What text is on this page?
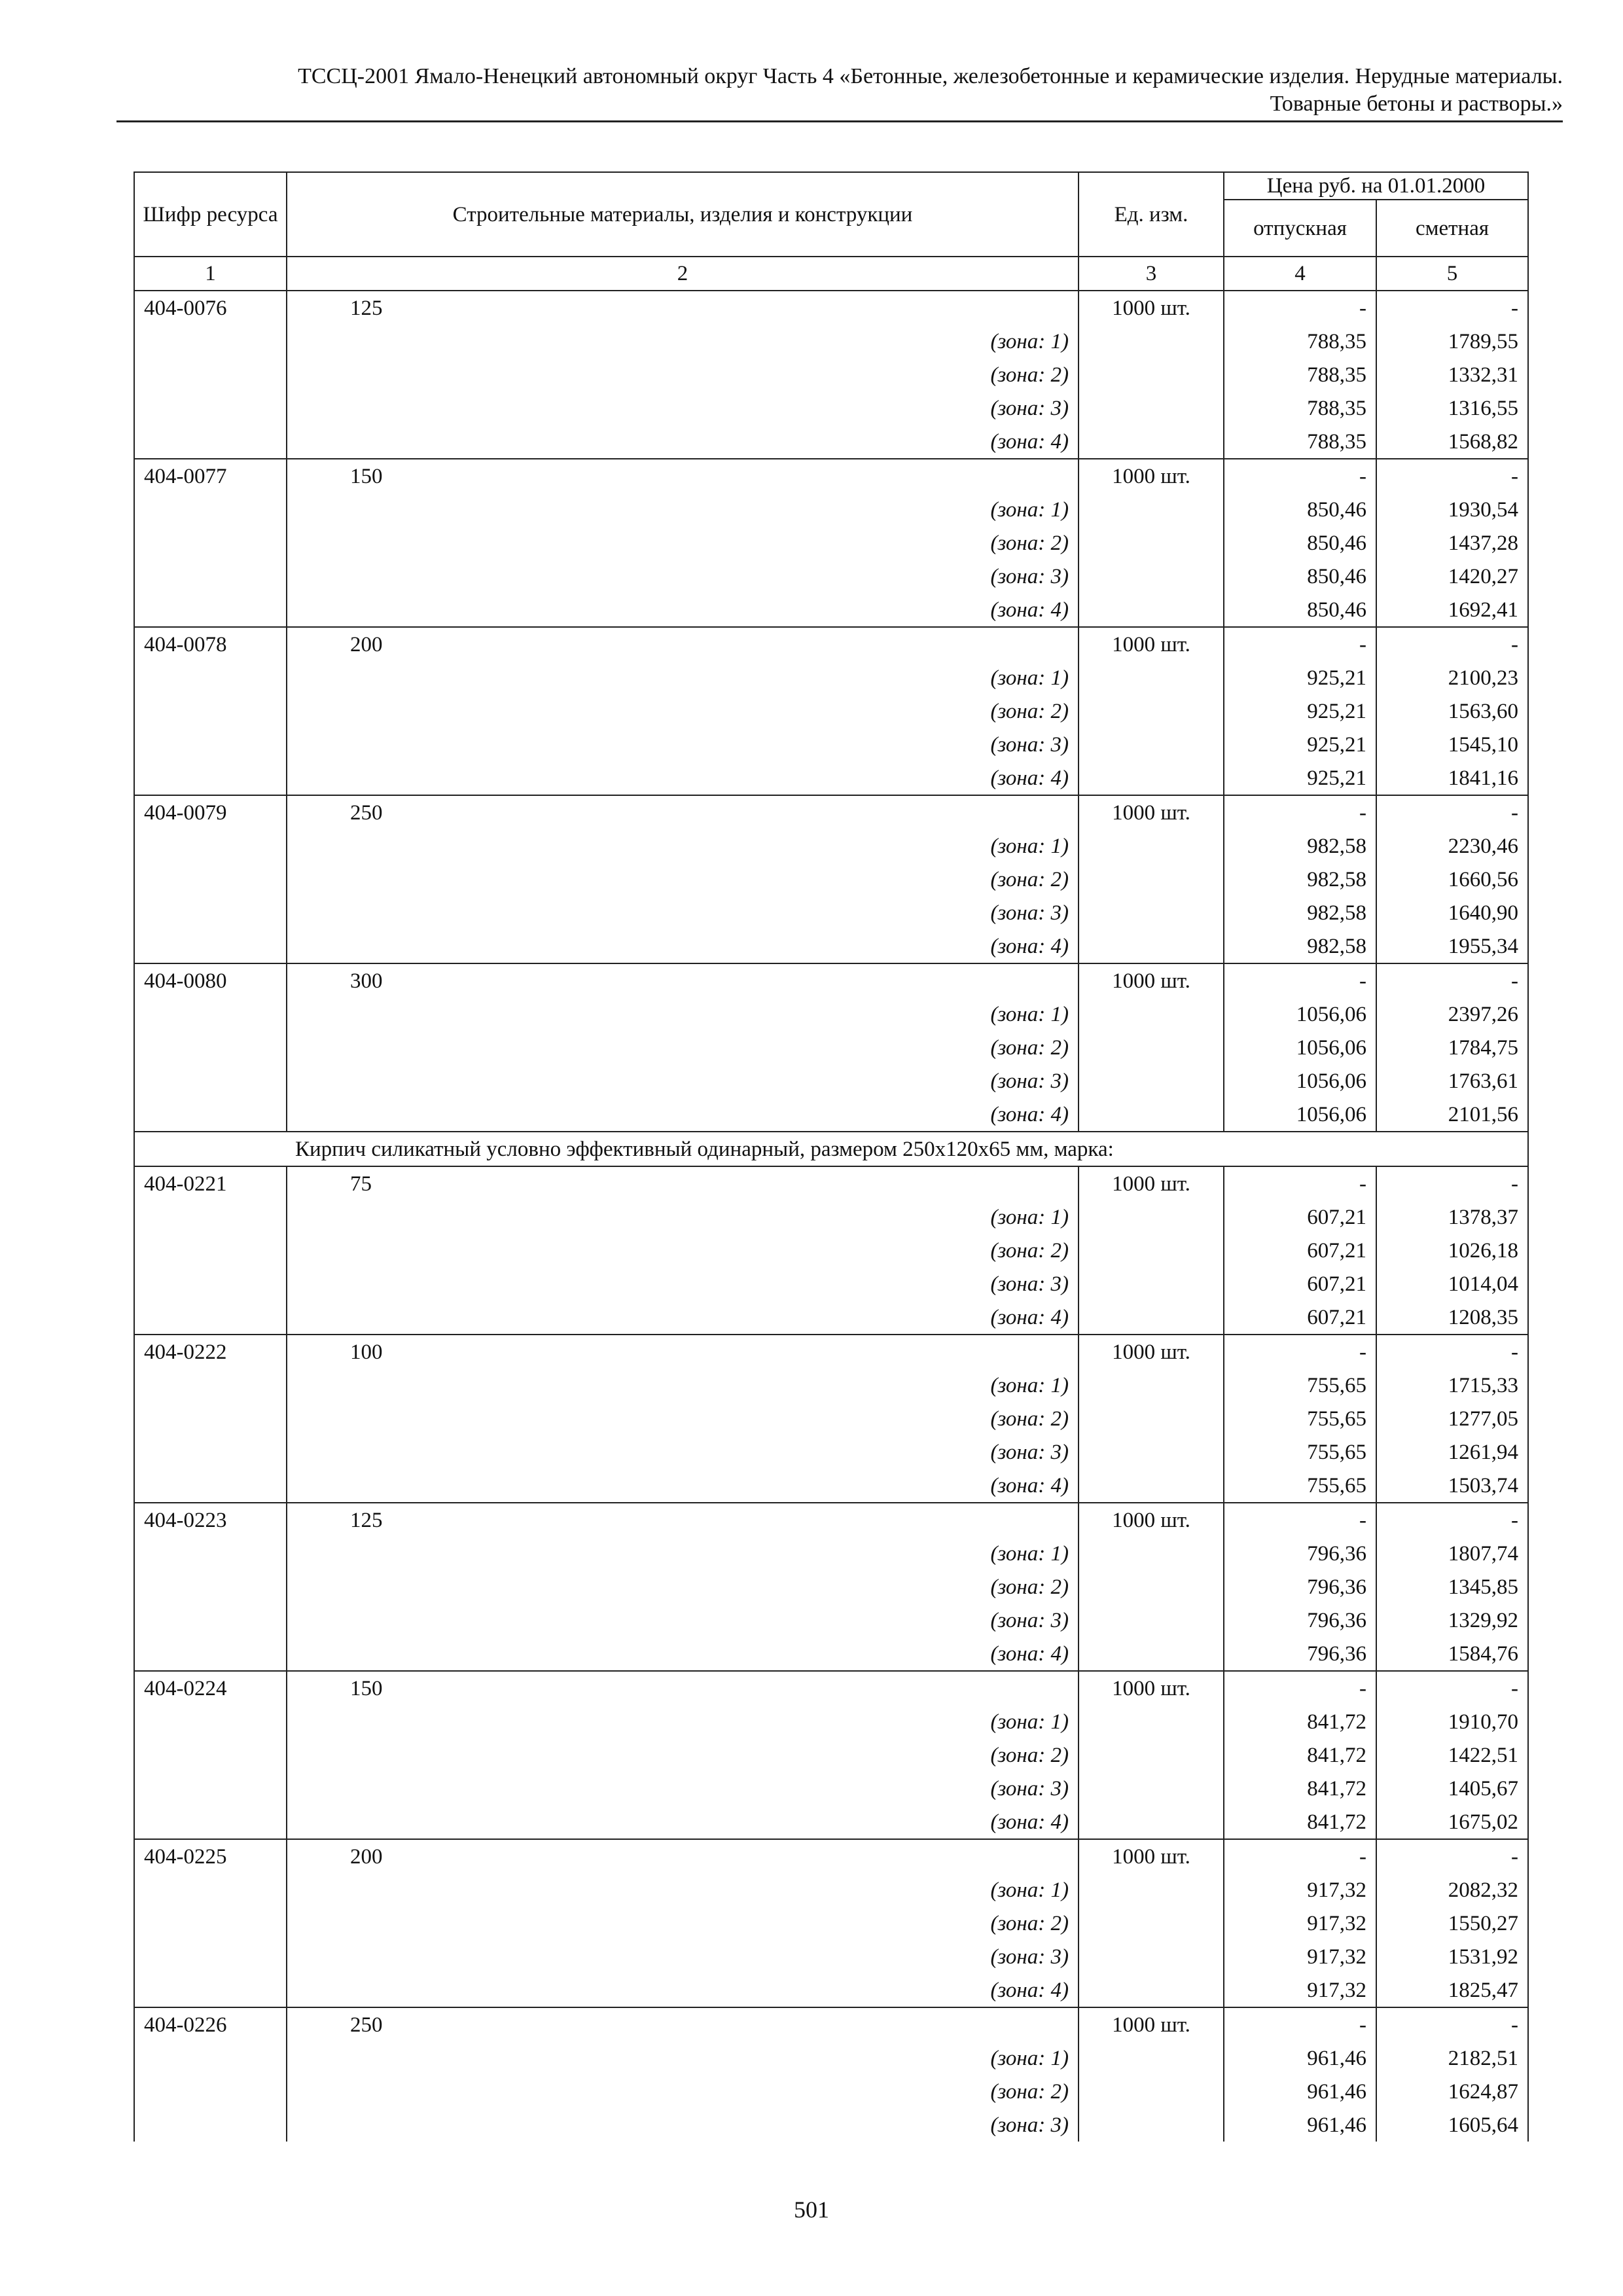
ТССЦ-2001 Ямало-Ненецкий автономный округ Часть 4 «Бетонные, железобетонные и керамические изделия. Нерудные материалы.
Товарные бетоны и растворы.»
Шифр ресурса	Строительные материалы, изделия и конструкции	Ед. изм.	Цена руб. на 01.01.2000	
			отпускная	сметная
1	2	3	4	5
404-0076	125	1000 шт.	-	-
	(зона: 1)		788,35	1789,55
	(зона: 2)		788,35	1332,31
	(зона: 3)		788,35	1316,55
	(зона: 4)		788,35	1568,82
404-0077	150	1000 шт.	-	-
	(зона: 1)		850,46	1930,54
	(зона: 2)		850,46	1437,28
	(зона: 3)		850,46	1420,27
	(зона: 4)		850,46	1692,41
404-0078	200	1000 шт.	-	-
	(зона: 1)		925,21	2100,23
	(зона: 2)		925,21	1563,60
	(зона: 3)		925,21	1545,10
	(зона: 4)		925,21	1841,16
404-0079	250	1000 шт.	-	-
	(зона: 1)		982,58	2230,46
	(зона: 2)		982,58	1660,56
	(зона: 3)		982,58	1640,90
	(зона: 4)		982,58	1955,34
404-0080	300	1000 шт.	-	-
	(зона: 1)		1056,06	2397,26
	(зона: 2)		1056,06	1784,75
	(зона: 3)		1056,06	1763,61
	(зона: 4)		1056,06	2101,56
Кирпич силикатный условно эффективный одинарный, размером 250х120х65 мм, марка:				
404-0221	75	1000 шт.	-	-
	(зона: 1)		607,21	1378,37
	(зона: 2)		607,21	1026,18
	(зона: 3)		607,21	1014,04
	(зона: 4)		607,21	1208,35
404-0222	100	1000 шт.	-	-
	(зона: 1)		755,65	1715,33
	(зона: 2)		755,65	1277,05
	(зона: 3)		755,65	1261,94
	(зона: 4)		755,65	1503,74
404-0223	125	1000 шт.	-	-
	(зона: 1)		796,36	1807,74
	(зона: 2)		796,36	1345,85
	(зона: 3)		796,36	1329,92
	(зона: 4)		796,36	1584,76
404-0224	150	1000 шт.	-	-
	(зона: 1)		841,72	1910,70
	(зона: 2)		841,72	1422,51
	(зона: 3)		841,72	1405,67
	(зона: 4)		841,72	1675,02
404-0225	200	1000 шт.	-	-
	(зона: 1)		917,32	2082,32
	(зона: 2)		917,32	1550,27
	(зона: 3)		917,32	1531,92
	(зона: 4)		917,32	1825,47
404-0226	250	1000 шт.	-	-
	(зона: 1)		961,46	2182,51
	(зона: 2)		961,46	1624,87
	(зона: 3)		961,46	1605,64
501
